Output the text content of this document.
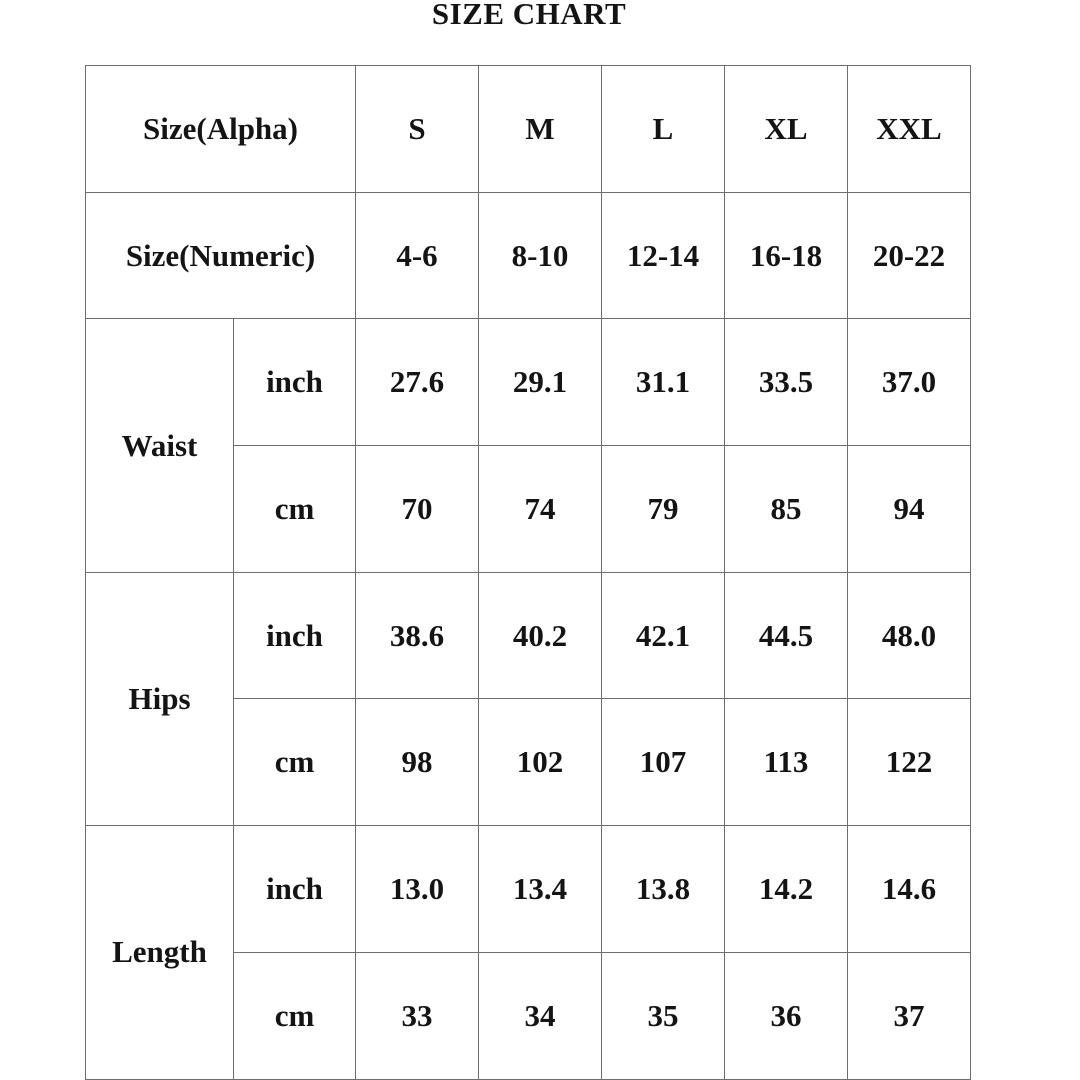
SIZE CHART
Size(Alpha)		S	M	L	XL	XXL
Size(Numeric)		4-6	8-10	12-14	16-18	20-22
Waist	inch	27.6	29.1	31.1	33.5	37.0
	cm	70	74	79	85	94
Hips	inch	38.6	40.2	42.1	44.5	48.0
	cm	98	102	107	113	122
Length	inch	13.0	13.4	13.8	14.2	14.6
	cm	33	34	35	36	37
